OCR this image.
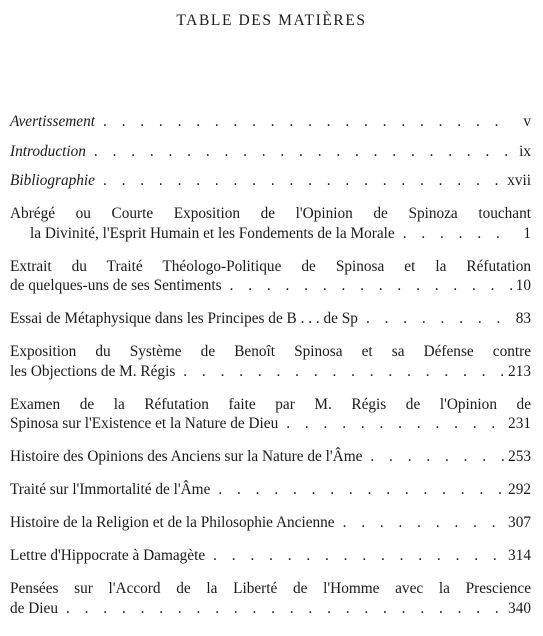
TABLE DES MATIÈRES
Avertissement . . .	v
Introduction . . .	ix
Bibliographie . . .	xvii
Abrégé ou Courte Exposition de l'Opinion de Spinoza touchant
la Divinité, l'Esprit Humain et les Fondements de la Morale . . .	1
Extrait du Traité Théologo-Politique de Spinosa et la Réfutation
de quelques-uns de ses Sentiments . . .	10
Essai de Métaphysique dans les Principes de B . . . de Sp . . .	83
Exposition du Système de Benoît Spinosa et sa Défense contre
les Objections de M. Régis . . .	213
Examen de la Réfutation faite par M. Régis de l'Opinion de
Spinosa sur l'Existence et la Nature de Dieu . . .	231
Histoire des Opinions des Anciens sur la Nature de l'Âme . . .	253
Traité sur l'Immortalité de l'Âme . . .	292
Histoire de la Religion et de la Philosophie Ancienne . . .	307
Lettre d'Hippocrate à Damagète . . .	314
Pensées sur l'Accord de la Liberté de l'Homme avec la Prescience
de Dieu . . .	340
